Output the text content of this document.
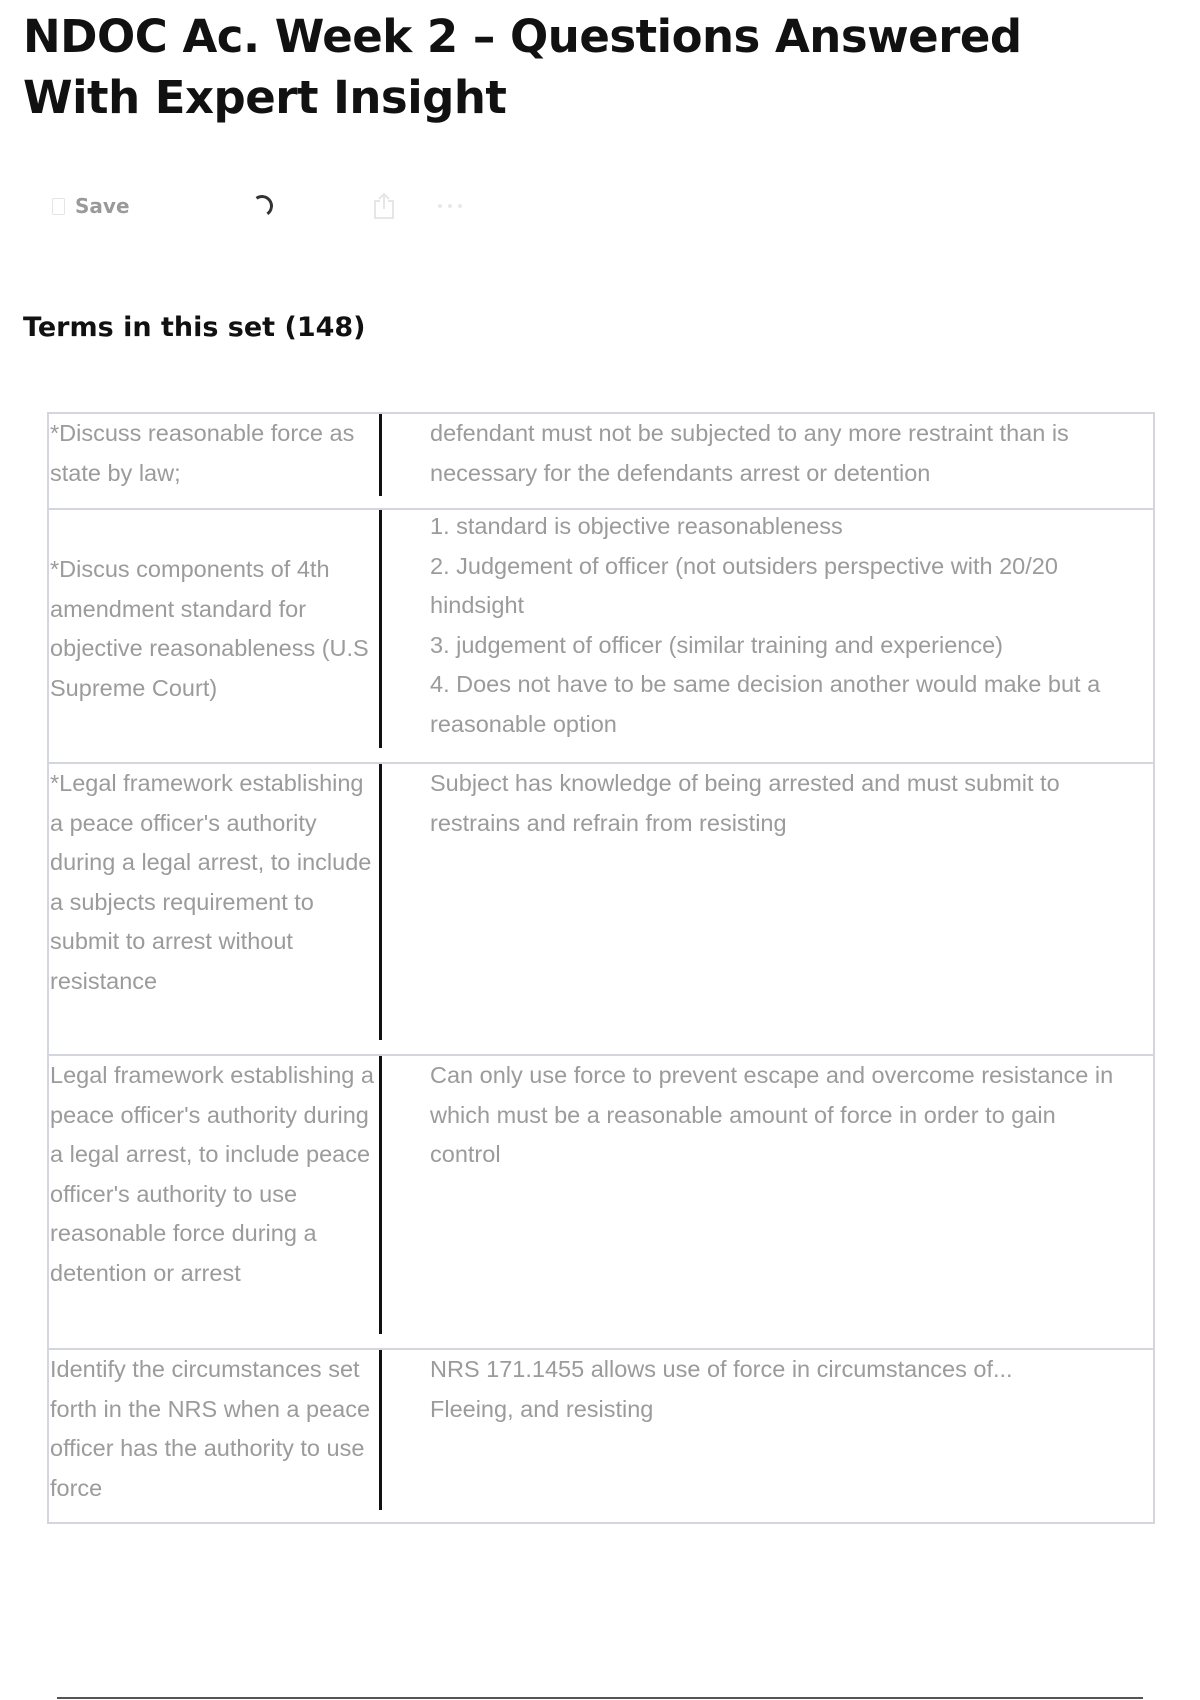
NDOC Ac. Week 2 – Questions Answered With Expert Insight
Save
Terms in this set (148)
*Discuss reasonable force as state by law;
defendant must not be subjected to any more restraint than is necessary for the defendants arrest or detention
*Discus components of 4th amendment standard for objective reasonableness (U.S Supreme Court)
1. standard is objective reasonableness
2. Judgement of officer (not outsiders perspective with 20/20 hindsight
3. judgement of officer (similar training and experience)
4. Does not have to be same decision another would make but a reasonable option
*Legal framework establishing a peace officer's authority during a legal arrest, to include a subjects requirement to submit to arrest without resistance
Subject has knowledge of being arrested and must submit to restrains and refrain from resisting
Legal framework establishing a peace officer's authority during a legal arrest, to include peace officer's authority to use reasonable force during a detention or arrest
Can only use force to prevent escape and overcome resistance in which must be a reasonable amount of force in order to gain control
Identify the circumstances set forth in the NRS when a peace officer has the authority to use force
NRS 171.1455 allows use of force in circumstances of...
Fleeing, and resisting
